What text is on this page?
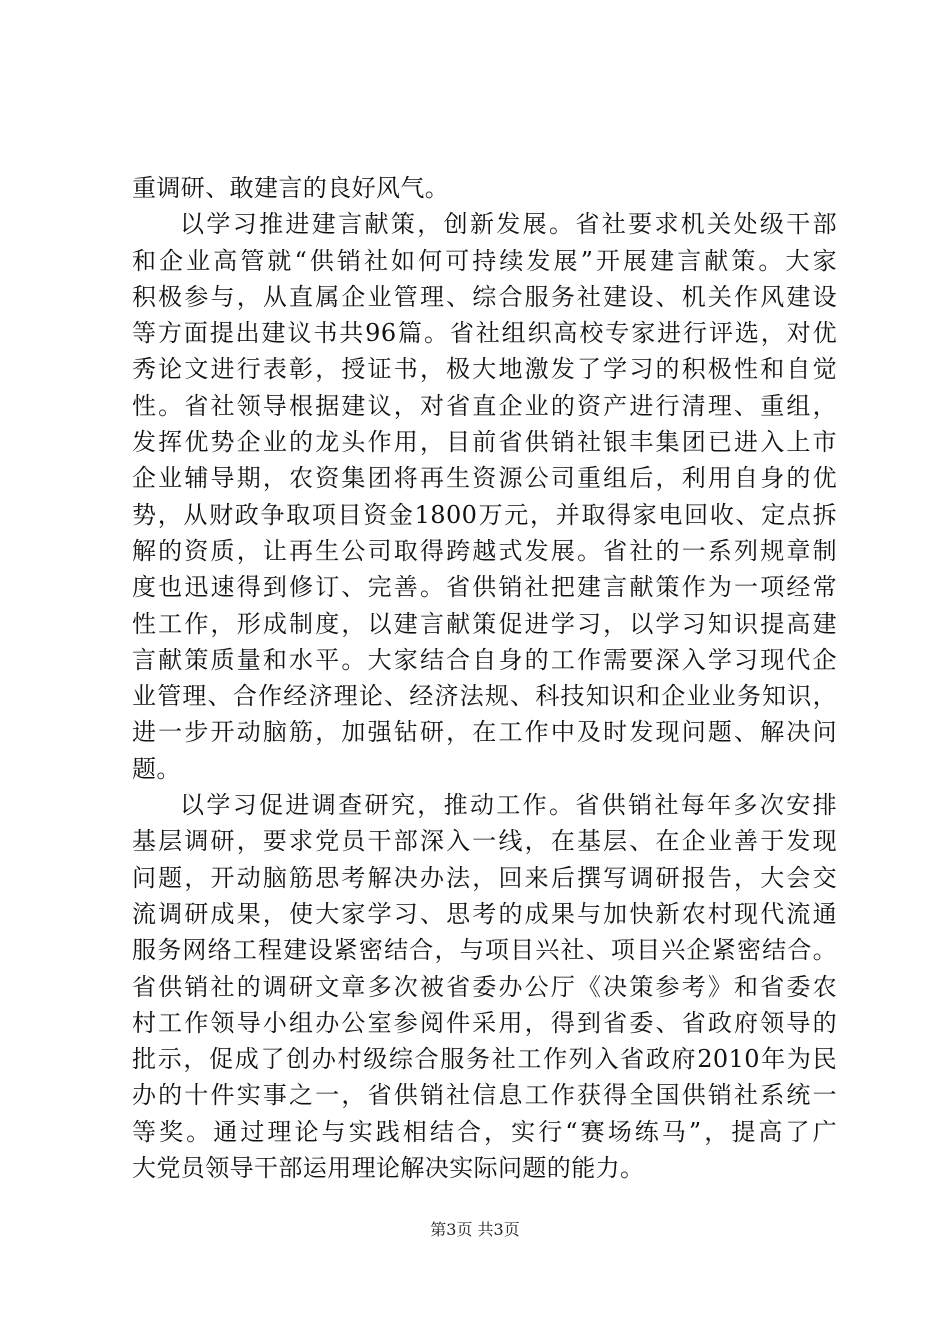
重调研、敢建言的良好风气。
以学习推进建言献策，创新发展。省社要求机关处级干部
和企业高管就“供销社如何可持续发展”开展建言献策。大家
积极参与，从直属企业管理、综合服务社建设、机关作风建设
等方面提出建议书共96篇。省社组织高校专家进行评选，对优
秀论文进行表彰，授证书，极大地激发了学习的积极性和自觉
性。省社领导根据建议，对省直企业的资产进行清理、重组，
发挥优势企业的龙头作用，目前省供销社银丰集团已进入上市
企业辅导期，农资集团将再生资源公司重组后，利用自身的优
势，从财政争取项目资金1800万元，并取得家电回收、定点拆
解的资质，让再生公司取得跨越式发展。省社的一系列规章制
度也迅速得到修订、完善。省供销社把建言献策作为一项经常
性工作，形成制度，以建言献策促进学习，以学习知识提高建
言献策质量和水平。大家结合自身的工作需要深入学习现代企
业管理、合作经济理论、经济法规、科技知识和企业业务知识，
进一步开动脑筋，加强钻研，在工作中及时发现问题、解决问
题。
以学习促进调查研究，推动工作。省供销社每年多次安排
基层调研，要求党员干部深入一线，在基层、在企业善于发现
问题，开动脑筋思考解决办法，回来后撰写调研报告，大会交
流调研成果，使大家学习、思考的成果与加快新农村现代流通
服务网络工程建设紧密结合，与项目兴社、项目兴企紧密结合。
省供销社的调研文章多次被省委办公厅《决策参考》和省委农
村工作领导小组办公室参阅件采用，得到省委、省政府领导的
批示，促成了创办村级综合服务社工作列入省政府2010年为民
办的十件实事之一，省供销社信息工作获得全国供销社系统一
等奖。通过理论与实践相结合，实行“赛场练马”，提高了广
大党员领导干部运用理论解决实际问题的能力。
第3页 共3页
